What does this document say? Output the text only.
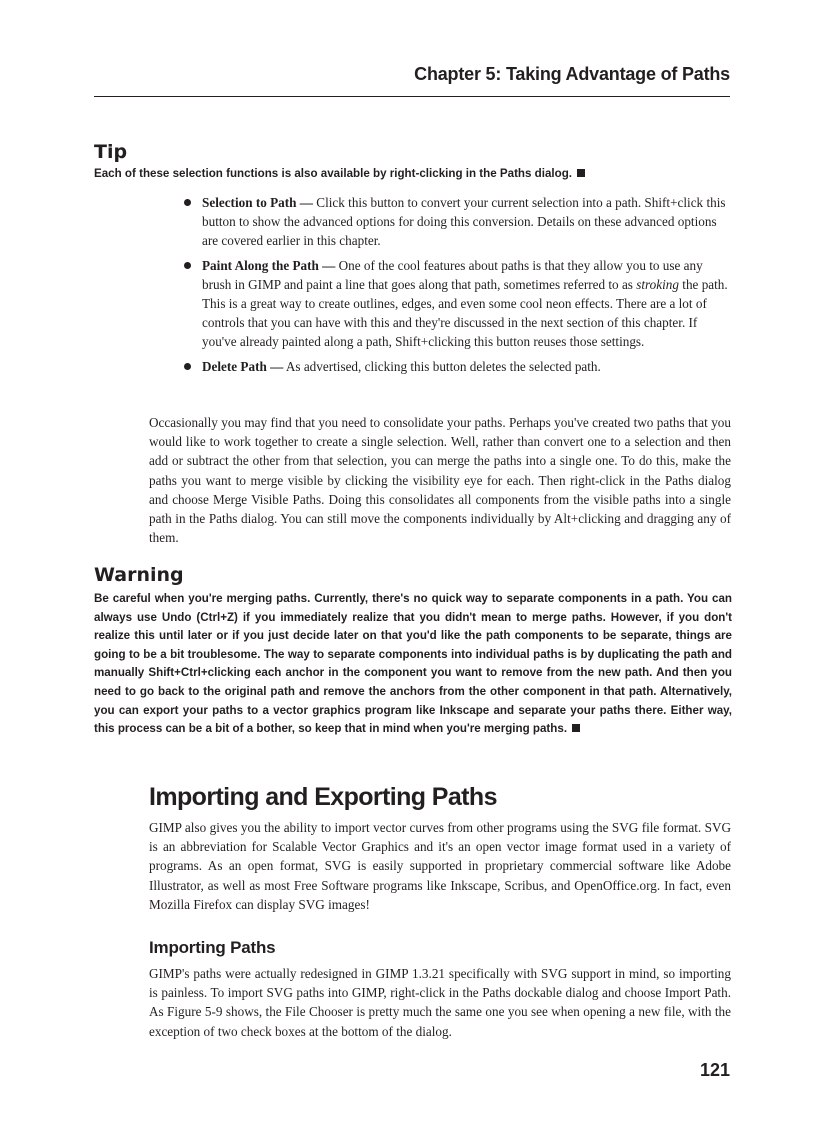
Chapter 5: Taking Advantage of Paths
Tip
Each of these selection functions is also available by right-clicking in the Paths dialog.
Selection to Path — Click this button to convert your current selection into a path. Shift+click this button to show the advanced options for doing this conversion. Details on these advanced options are covered earlier in this chapter.
Paint Along the Path — One of the cool features about paths is that they allow you to use any brush in GIMP and paint a line that goes along that path, sometimes referred to as stroking the path. This is a great way to create outlines, edges, and even some cool neon effects. There are a lot of controls that you can have with this and they're discussed in the next section of this chapter. If you've already painted along a path, Shift+clicking this button reuses those settings.
Delete Path — As advertised, clicking this button deletes the selected path.

Occasionally you may find that you need to consolidate your paths. Perhaps you've created two paths that you would like to work together to create a single selection. Well, rather than convert one to a selection and then add or subtract the other from that selection, you can merge the paths into a single one. To do this, make the paths you want to merge visible by clicking the visibility eye for each. Then right-click in the Paths dialog and choose Merge Visible Paths. Doing this consolidates all components from the visible paths into a single path in the Paths dialog. You can still move the components individually by Alt+clicking and dragging any of them.

Warning
Be careful when you're merging paths. Currently, there's no quick way to separate components in a path. You can always use Undo (Ctrl+Z) if you immediately realize that you didn't mean to merge paths. However, if you don't realize this until later or if you just decide later on that you'd like the path components to be separate, things are going to be a bit troublesome. The way to separate components into individual paths is by duplicating the path and manually Shift+Ctrl+clicking each anchor in the component you want to remove from the new path. And then you need to go back to the original path and remove the anchors from the other component in that path. Alternatively, you can export your paths to a vector graphics program like Inkscape and separate your paths there. Either way, this process can be a bit of a bother, so keep that in mind when you're merging paths.
Importing and Exporting Paths

GIMP also gives you the ability to import vector curves from other programs using the SVG file format. SVG is an abbreviation for Scalable Vector Graphics and it's an open vector image format used in a variety of programs. As an open format, SVG is easily supported in proprietary commercial software like Adobe Illustrator, as well as most Free Software programs like Inkscape, Scribus, and OpenOffice.org. In fact, even Mozilla Firefox can display SVG images!

Importing Paths

GIMP's paths were actually redesigned in GIMP 1.3.21 specifically with SVG support in mind, so importing is painless. To import SVG paths into GIMP, right-click in the Paths dockable dialog and choose Import Path. As Figure 5-9 shows, the File Chooser is pretty much the same one you see when opening a new file, with the exception of two check boxes at the bottom of the dialog.

121
